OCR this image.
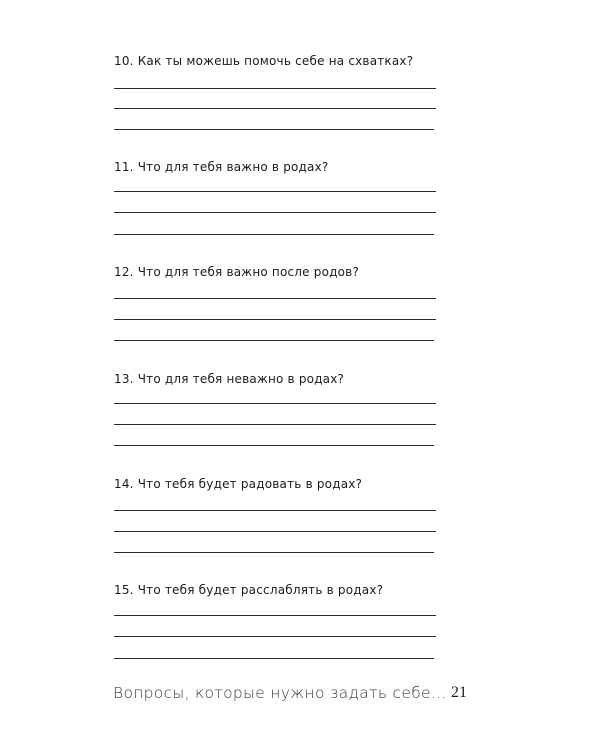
10. Как ты можешь помочь себе на схватках?
11. Что для тебя важно в родах?
12. Что для тебя важно после родов?
13. Что для тебя неважно в родах?
14. Что тебя будет радовать в родах?
15. Что тебя будет расслаблять в родах?
Вопросы, которые нужно задать себе... 21
